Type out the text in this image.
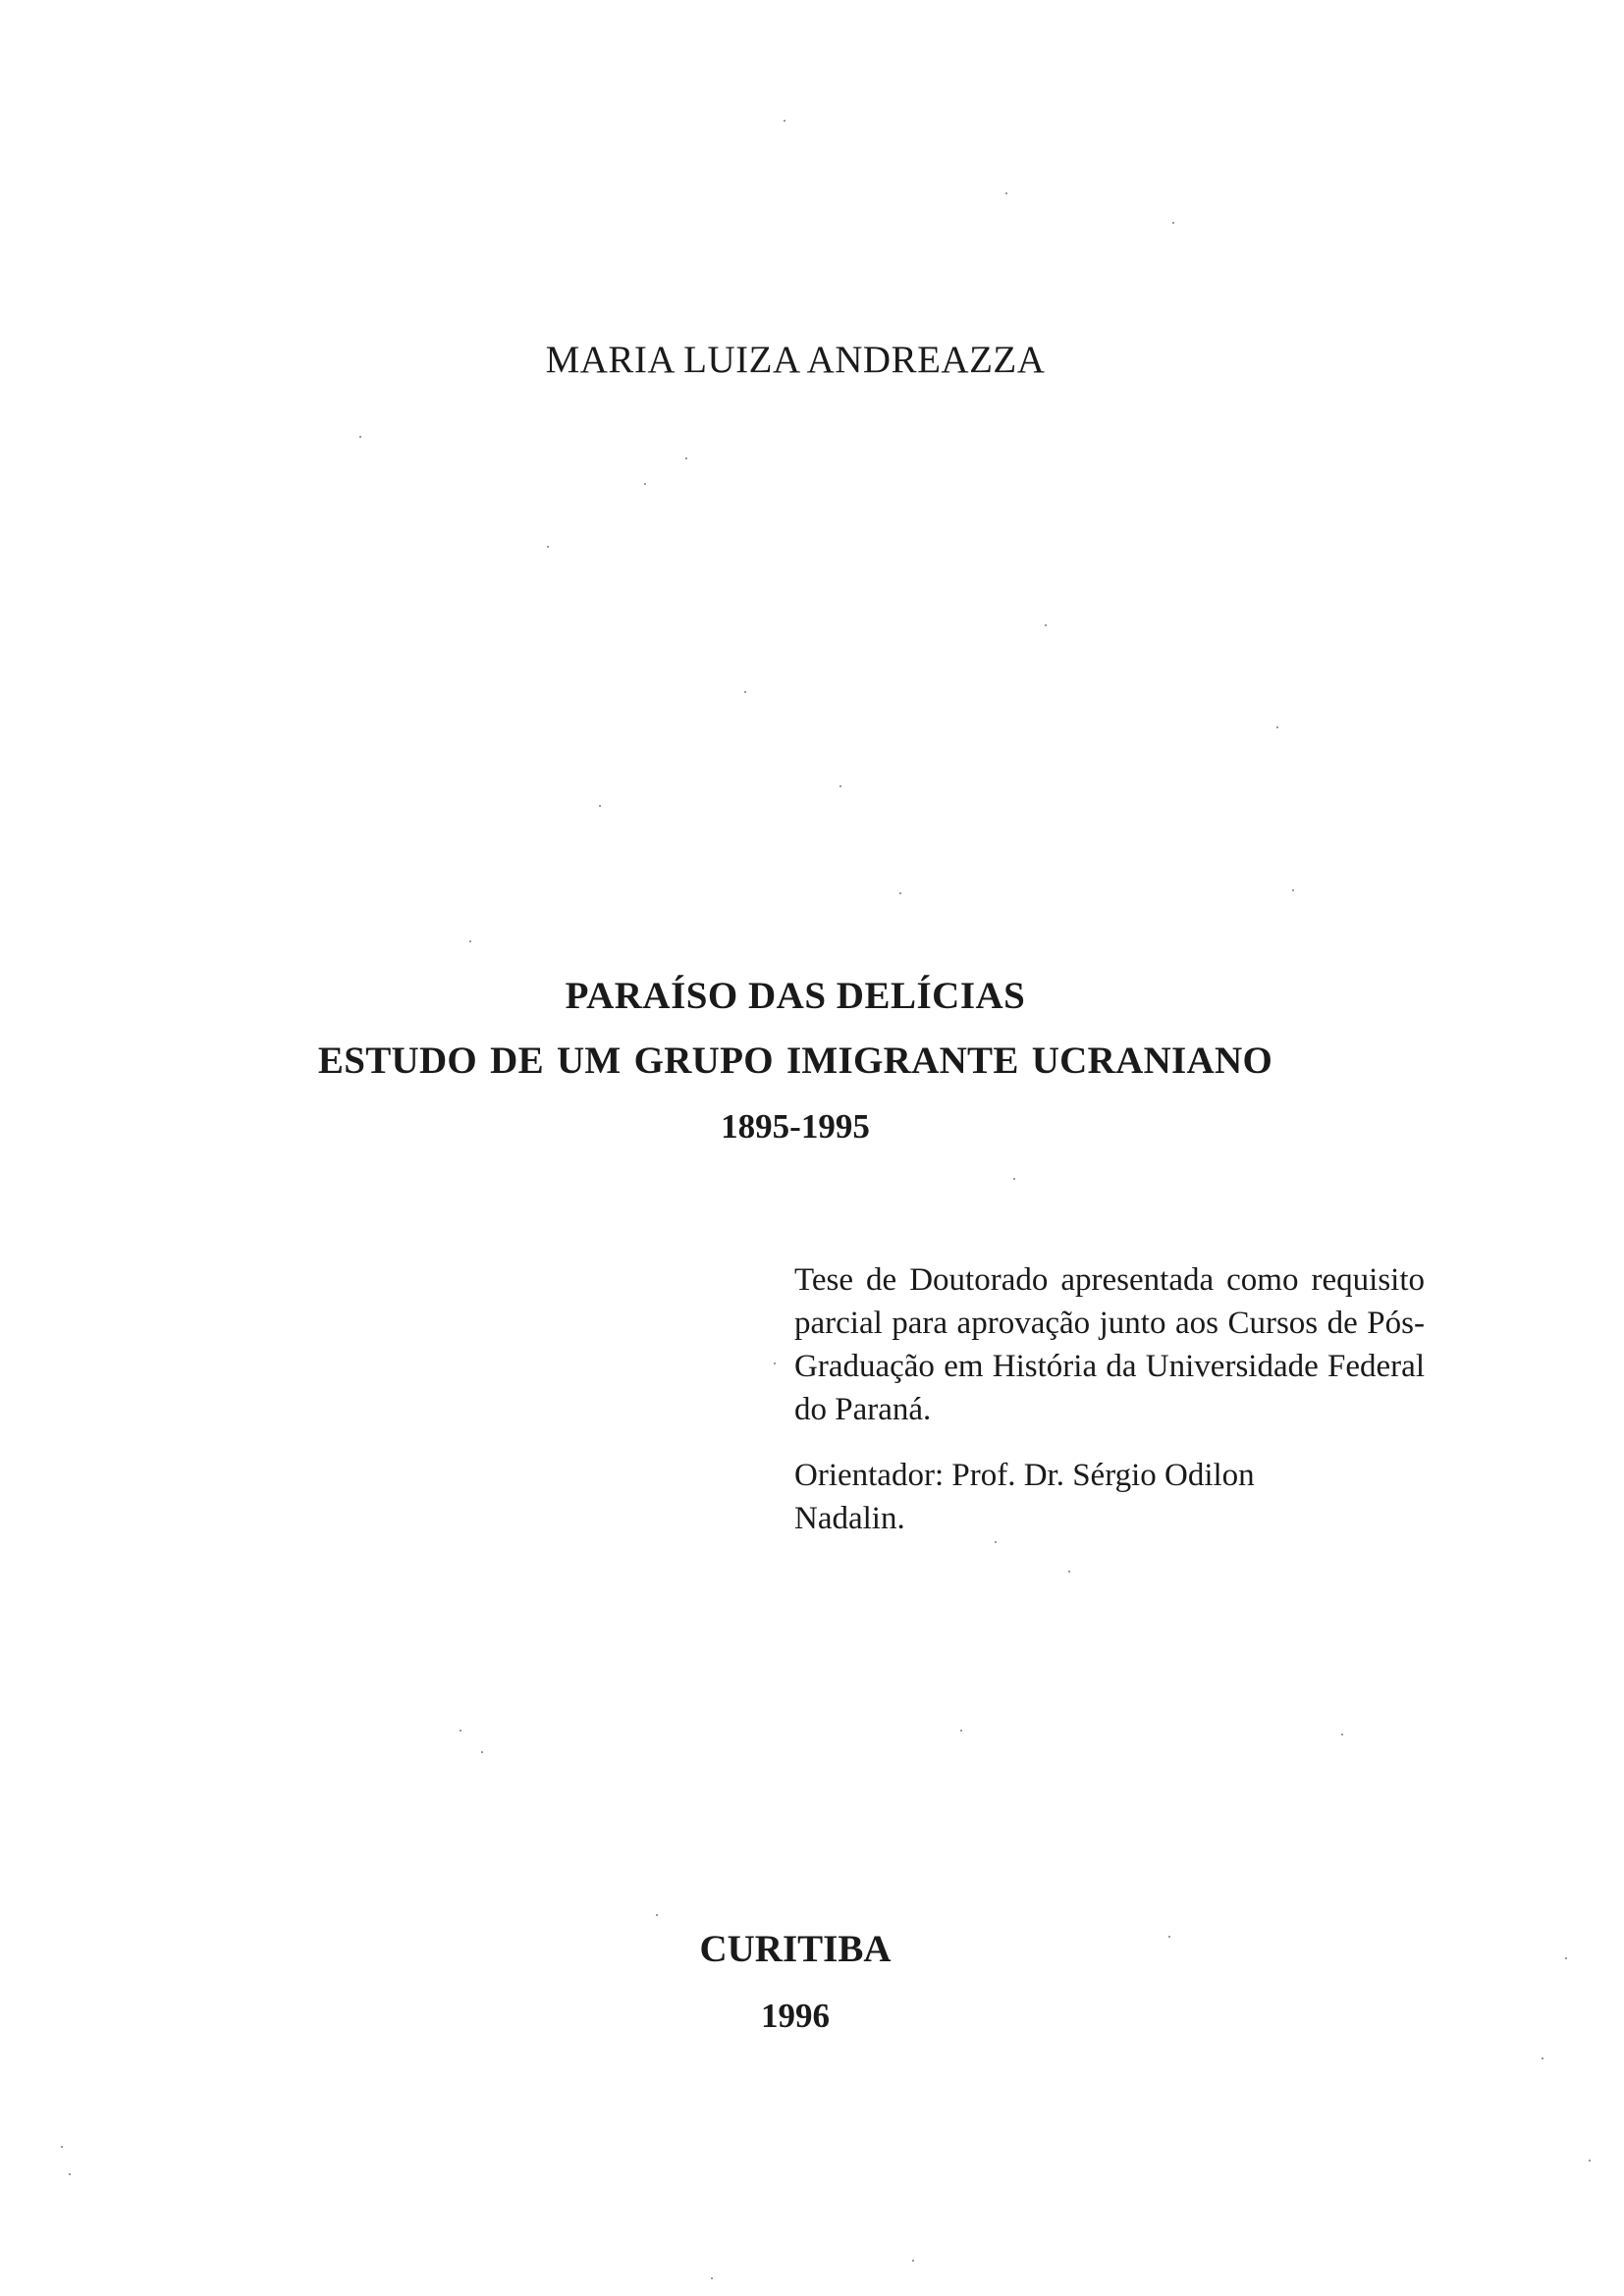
MARIA LUIZA ANDREAZZA
PARAÍSO DAS DELÍCIAS
ESTUDO DE UM GRUPO IMIGRANTE UCRANIANO
1895-1995
Tese de Doutorado apresentada como requisito parcial para aprovação junto aos Cursos de Pós-Graduação em História da Universidade Federal do Paraná.
Orientador: Prof. Dr. Sérgio Odilon
Nadalin.
CURITIBA
1996
